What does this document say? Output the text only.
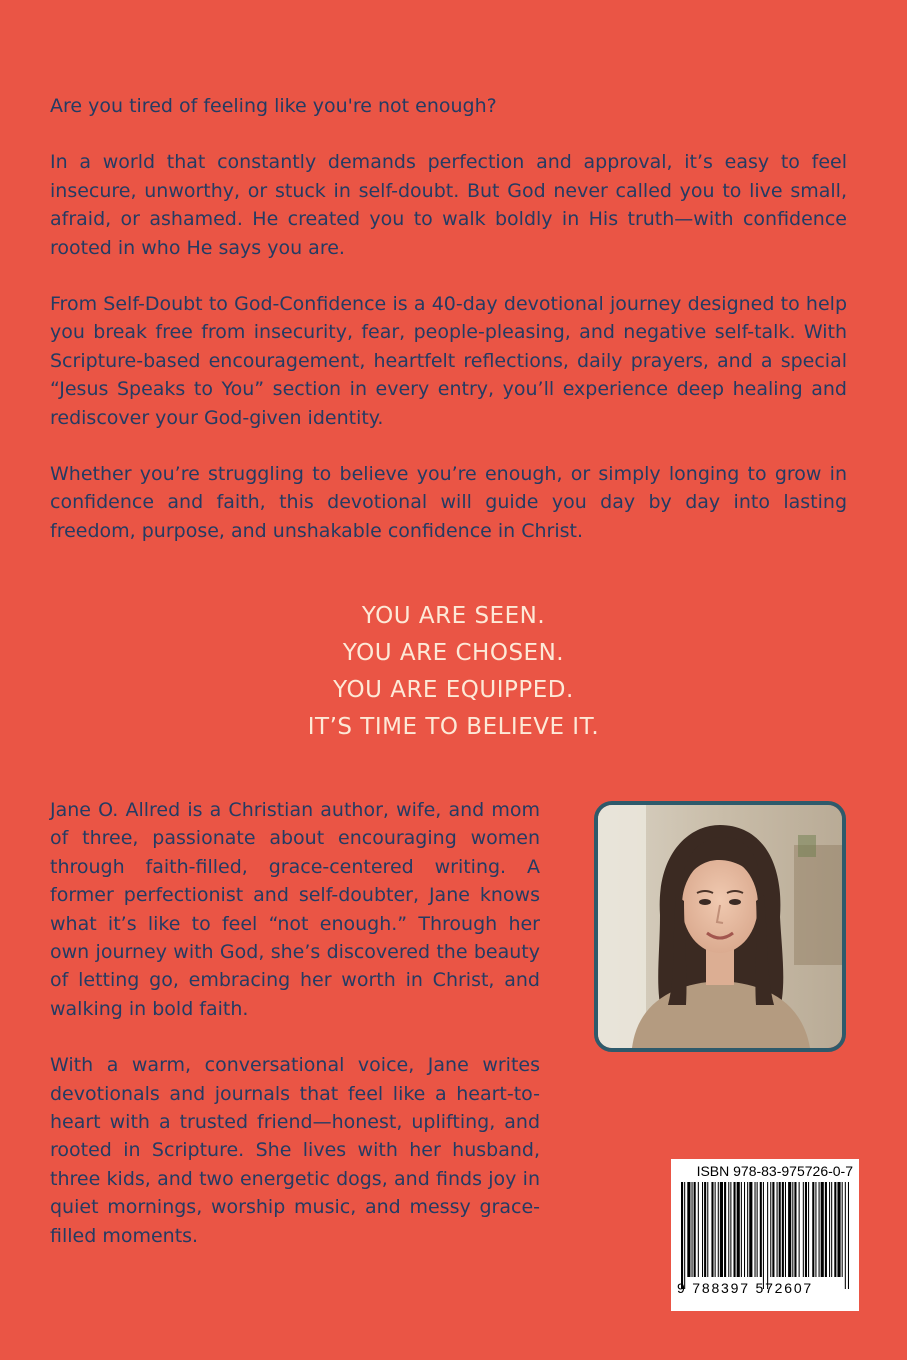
Are you tired of feeling like you're not enough?

In a world that constantly demands perfection and approval, it’s easy to feel insecure, unworthy, or stuck in self-doubt. But God never called you to live small, afraid, or ashamed. He created you to walk boldly in His truth—with confidence rooted in who He says you are.

From Self-Doubt to God-Confidence is a 40-day devotional journey designed to help you break free from insecurity, fear, people-pleasing, and negative self-talk. With Scripture-based encouragement, heartfelt reflections, daily prayers, and a special “Jesus Speaks to You” section in every entry, you’ll experience deep healing and rediscover your God-given identity.

Whether you’re struggling to believe you’re enough, or simply longing to grow in confidence and faith, this devotional will guide you day by day into lasting freedom, purpose, and unshakable confidence in Christ.

YOU ARE SEEN.
YOU ARE CHOSEN.
YOU ARE EQUIPPED.
IT’S TIME TO BELIEVE IT.

Jane O. Allred is a Christian author, wife, and mom of three, passionate about encouraging women through faith-filled, grace-centered writing. A former perfectionist and self-doubter, Jane knows what it’s like to feel “not enough.” Through her own journey with God, she’s discovered the beauty of letting go, embracing her worth in Christ, and walking in bold faith.

With a warm, conversational voice, Jane writes devotionals and journals that feel like a heart-to-heart with a trusted friend—honest, uplifting, and rooted in Scripture. She lives with her husband, three kids, and two energetic dogs, and finds joy in quiet mornings, worship music, and messy grace-filled moments.

ISBN 978-83-975726-0-7
9 788397 572607
